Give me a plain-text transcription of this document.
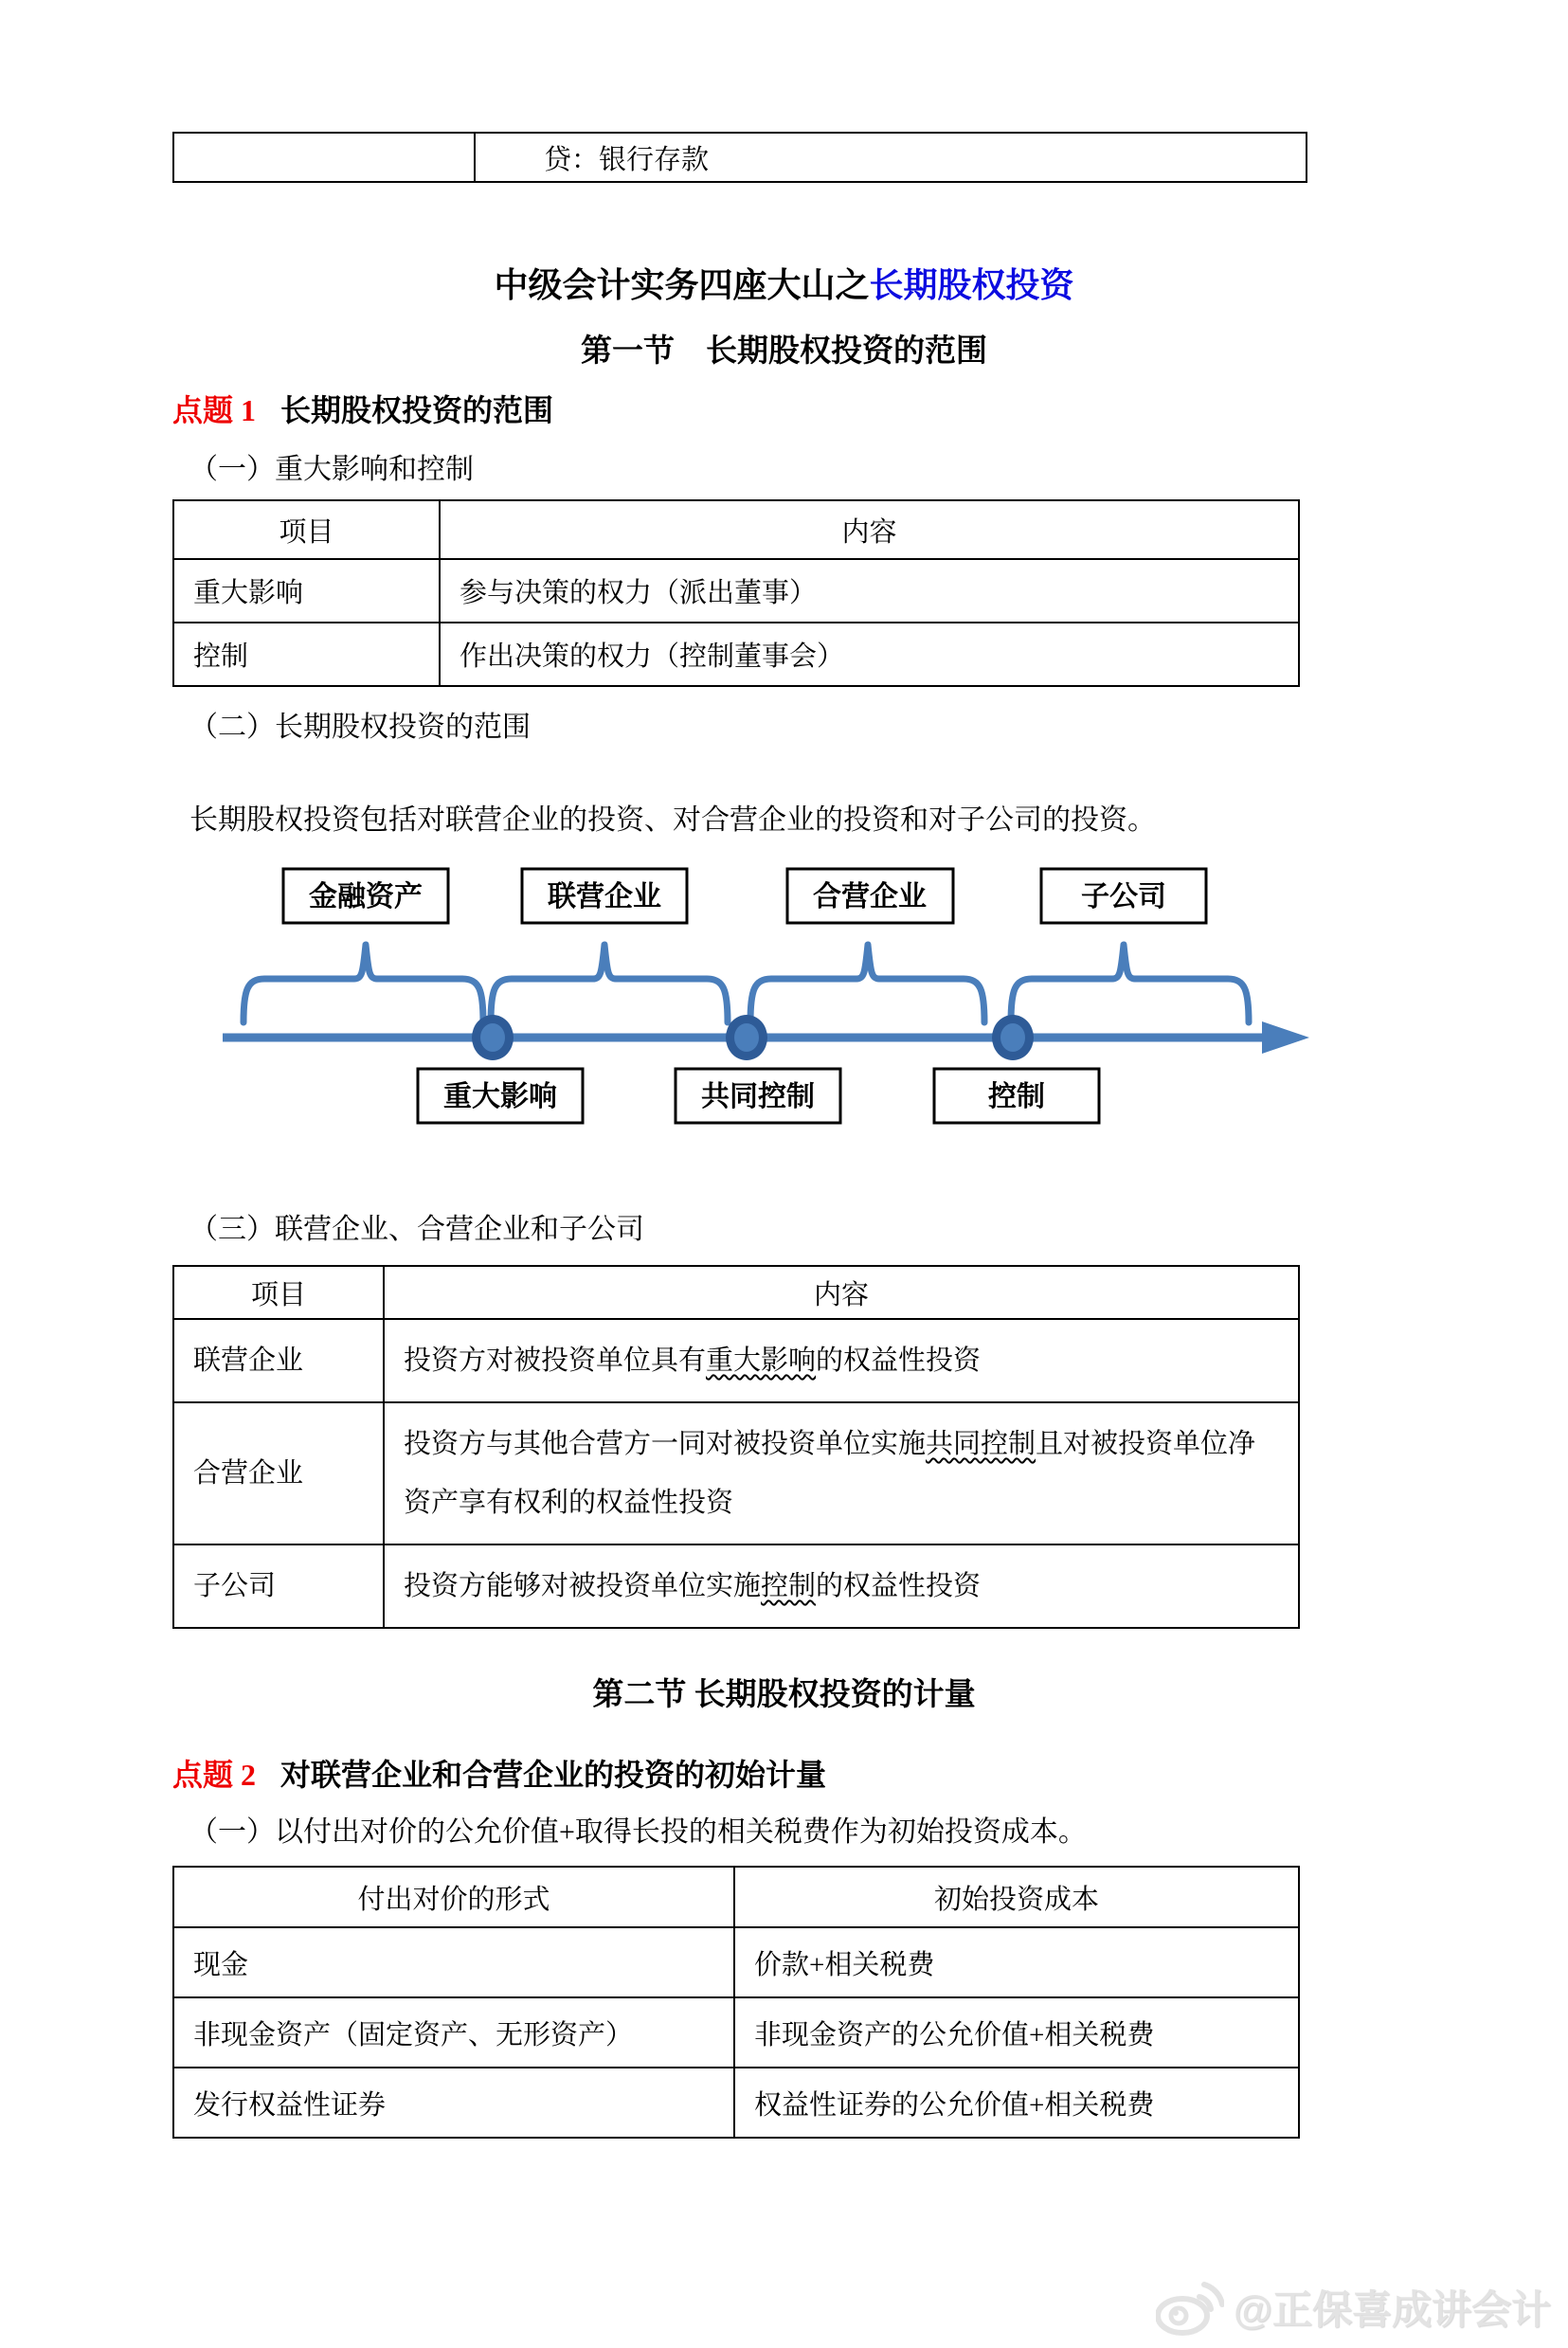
	贷：银行存款
中级会计实务四座大山之长期股权投资
第一节　长期股权投资的范围
点题 1 长期股权投资的范围
（一）重大影响和控制
项目	内容
重大影响	参与决策的权力（派出董事）
控制	作出决策的权力（控制董事会）
（二）长期股权投资的范围
长期股权投资包括对联营企业的投资、对合营企业的投资和对子公司的投资。
金融资产	联营企业	合营企业	子公司
重大影响	共同控制	控制
（三）联营企业、合营企业和子公司
项目	内容
联营企业	投资方对被投资单位具有重大影响的权益性投资
合营企业	投资方与其他合营方一同对被投资单位实施共同控制且对被投资单位净资产享有权利的权益性投资
子公司	投资方能够对被投资单位实施控制的权益性投资
第二节 长期股权投资的计量
点题 2 对联营企业和合营企业的投资的初始计量
（一）以付出对价的公允价值+取得长投的相关税费作为初始投资成本。
付出对价的形式	初始投资成本
现金	价款+相关税费
非现金资产（固定资产、无形资产）	非现金资产的公允价值+相关税费
发行权益性证券	权益性证券的公允价值+相关税费
@正保喜成讲会计
